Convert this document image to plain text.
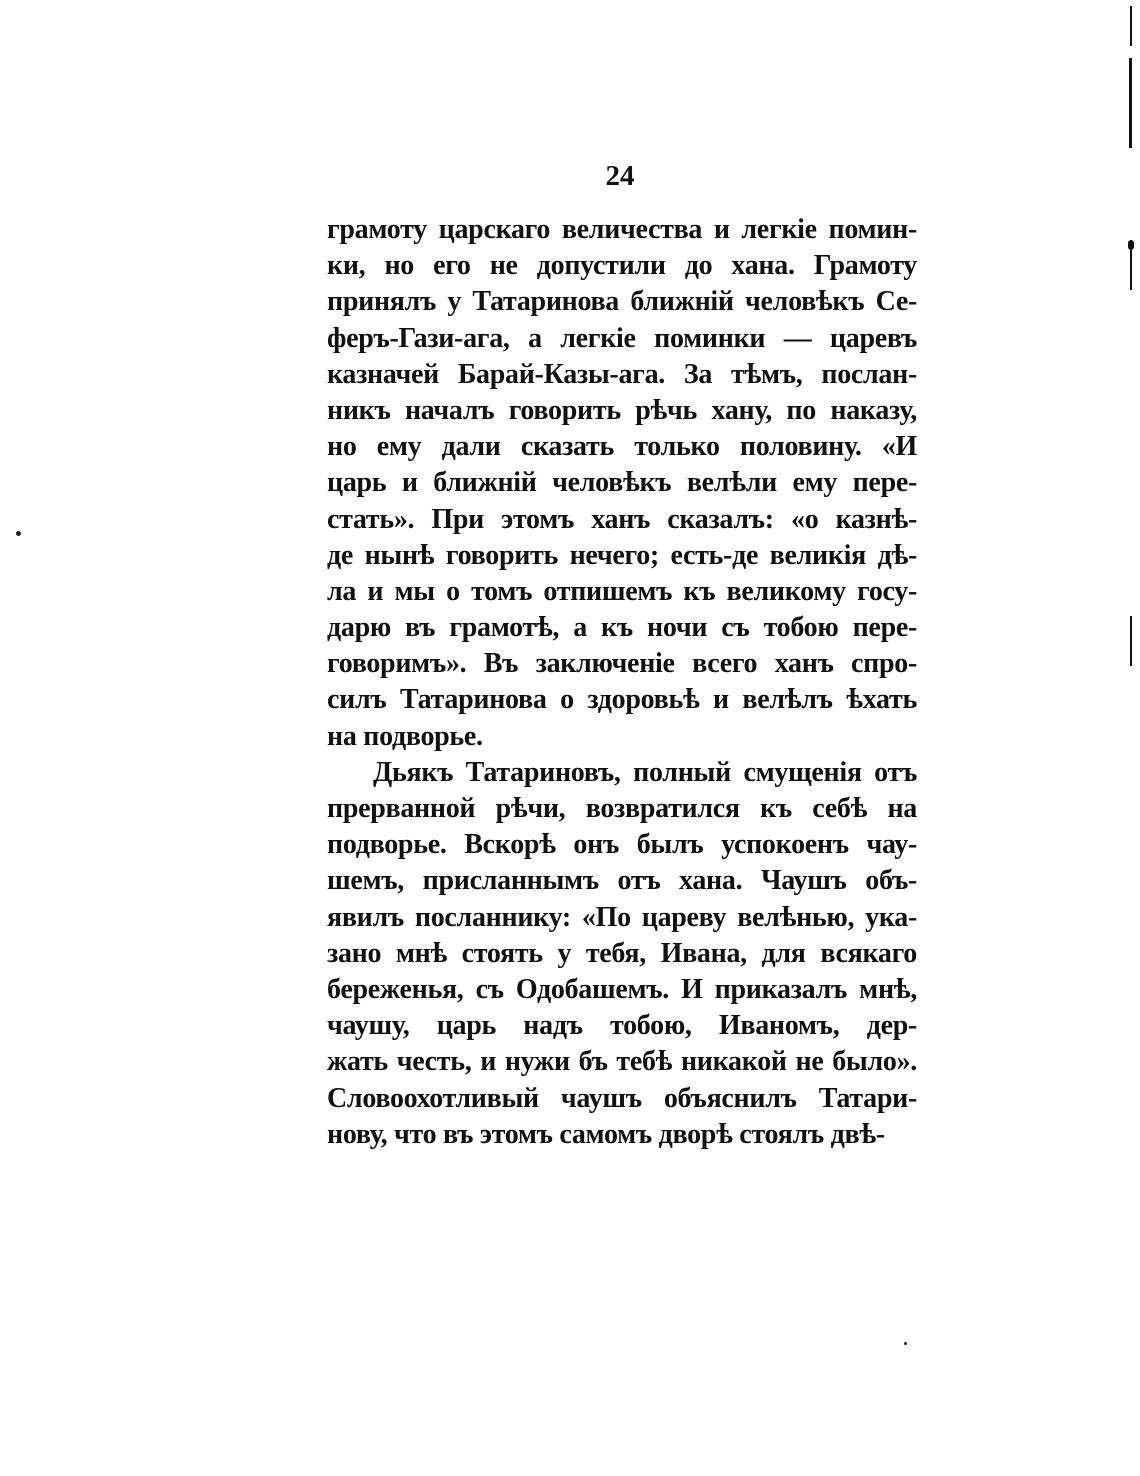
24
грамоту царскаго величества и легкіе помин-
ки, но его не допустили до хана. Грамоту
принялъ у Татаринова ближній человѣкъ Се-
феръ-Гази-ага, а легкіе поминки — царевъ
казначей Барай-Казы-ага. За тѣмъ, послан-
никъ началъ говорить рѣчь хану, по наказу,
но ему дали сказать только половину. «И
царь и ближній человѣкъ велѣли ему пере-
стать». При этомъ ханъ сказалъ: «о казнѣ-
де нынѣ говорить нечего; есть-де великія дѣ-
ла и мы о томъ отпишемъ къ великому госу-
дарю въ грамотѣ, а къ ночи съ тобою пере-
говоримъ». Въ заключеніе всего ханъ спро-
силъ Татаринова о здоровьѣ и велѣлъ ѣхать
на подворье.
Дьякъ Татариновъ, полный смущенія отъ
прерванной рѣчи, возвратился къ себѣ на
подворье. Вскорѣ онъ былъ успокоенъ чау-
шемъ, присланнымъ отъ хана. Чаушъ объ-
явилъ посланнику: «По цареву велѣнью, ука-
зано мнѣ стоять у тебя, Ивана, для всякаго
береженья, съ Одобашемъ. И приказалъ мнѣ,
чаушу, царь надъ тобою, Иваномъ, дер-
жать честь, и нужи бъ тебѣ никакой не было».
Словоохотливый чаушъ объяснилъ Татари-
нову, что въ этомъ самомъ дворѣ стоялъ двѣ-
